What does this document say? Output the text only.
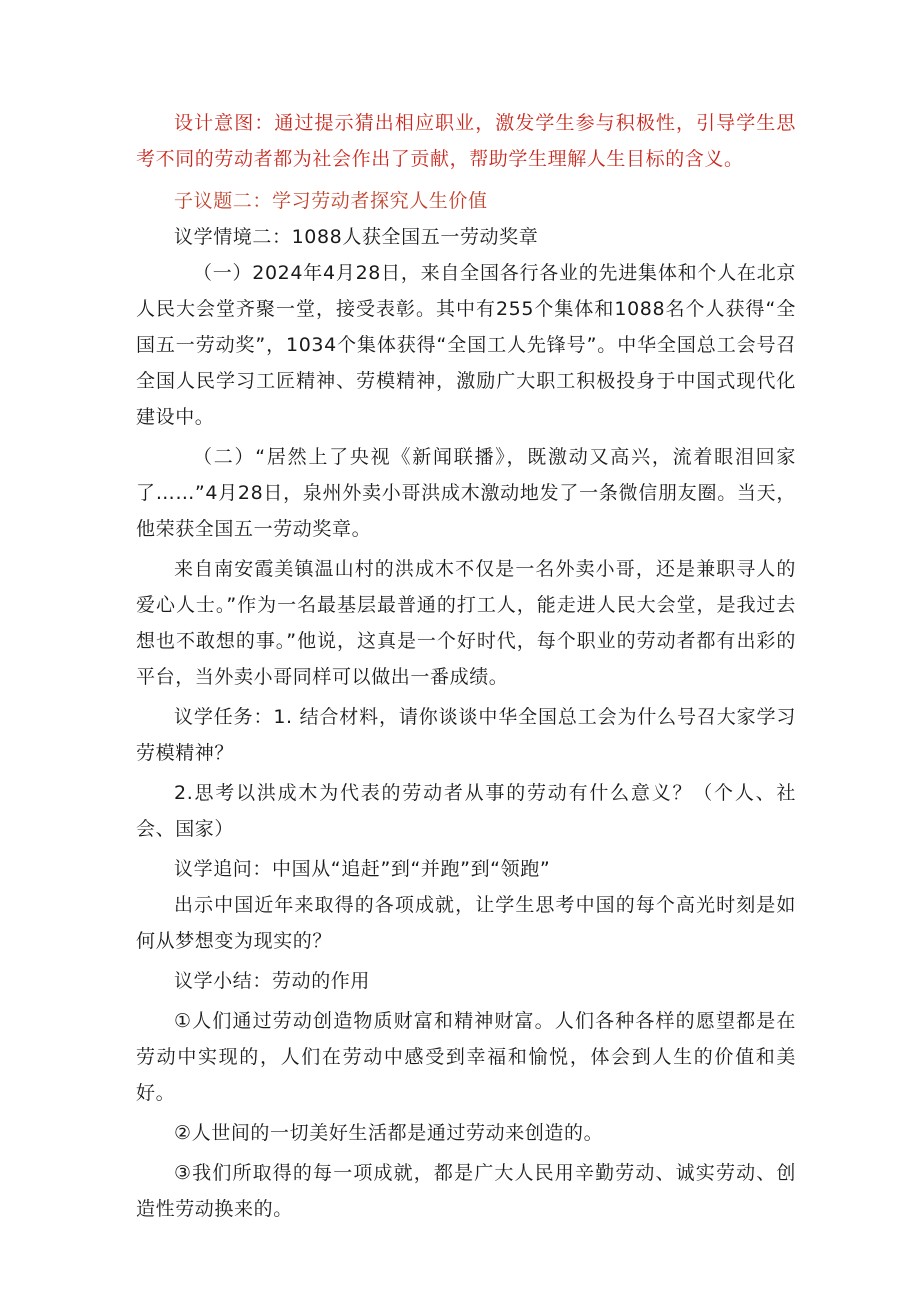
设计意图：通过提示猜出相应职业，激发学生参与积极性，引导学生思考不同的劳动者都为社会作出了贡献，帮助学生理解人生目标的含义。

子议题二：学习劳动者探究人生价值

议学情境二：1088人获全国五一劳动奖章

（一）2024年4月28日，来自全国各行各业的先进集体和个人在北京人民大会堂齐聚一堂，接受表彰。其中有255个集体和1088名个人获得“全国五一劳动奖”，1034个集体获得“全国工人先锋号”。中华全国总工会号召全国人民学习工匠精神、劳模精神，激励广大职工积极投身于中国式现代化建设中。

（二）“居然上了央视《新闻联播》，既激动又高兴，流着眼泪回家了……”4月28日，泉州外卖小哥洪成木激动地发了一条微信朋友圈。当天，他荣获全国五一劳动奖章。

来自南安霞美镇温山村的洪成木不仅是一名外卖小哥，还是兼职寻人的爱心人士。”作为一名最基层最普通的打工人，能走进人民大会堂，是我过去想也不敢想的事。”他说，这真是一个好时代，每个职业的劳动者都有出彩的平台，当外卖小哥同样可以做出一番成绩。

议学任务：1. 结合材料，请你谈谈中华全国总工会为什么号召大家学习劳模精神？

2.思考以洪成木为代表的劳动者从事的劳动有什么意义？（个人、社会、国家）

议学追问：中国从“追赶”到“并跑”到“领跑”

出示中国近年来取得的各项成就，让学生思考中国的每个高光时刻是如何从梦想变为现实的？

议学小结：劳动的作用

①人们通过劳动创造物质财富和精神财富。人们各种各样的愿望都是在劳动中实现的，人们在劳动中感受到幸福和愉悦，体会到人生的价值和美好。

②人世间的一切美好生活都是通过劳动来创造的。

③我们所取得的每一项成就，都是广大人民用辛勤劳动、诚实劳动、创造性劳动换来的。
